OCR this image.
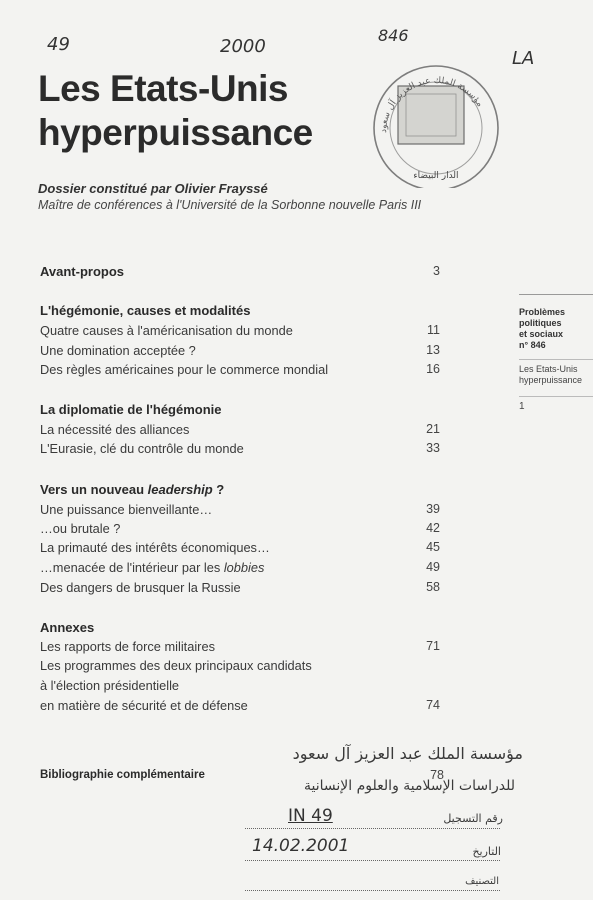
49	2000
LA
846
مؤسسة الملك عبد العزيز آل سعود
الدار البيضاء
Les Etats-Unis
hyperpuissance
Dossier constitué par Olivier Frayssé
Maître de conférences à l'Université de la Sorbonne nouvelle Paris III
Problèmes
politiques
et sociaux
n° 846
Les Etats-Unis
hyperpuissance
1
Avant-propos	3
L'hégémonie, causes et modalités
Quatre causes à l'américanisation du monde	11
Une domination acceptée ?	13
Des règles américaines pour le commerce mondial	16
La diplomatie de l'hégémonie
La nécessité des alliances	21
L'Eurasie, clé du contrôle du monde	33
Vers un nouveau leadership ?
Une puissance bienveillante…	39
…ou brutale ?	42
La primauté des intérêts économiques…	45
…menacée de l'intérieur par les lobbies	49
Des dangers de brusquer la Russie	58
Annexes
Les rapports de force militaires	71
Les programmes des deux principaux candidats
à l'élection présidentielle
en matière de sécurité et de défense	74
Bibliographie complémentaire	78
مؤسسة الملك عبد العزيز آل سعود
للدراسات الإسلامية والعلوم الإنسانية
رقم التسجيل
IN 49
التاريخ
14.02.2001
التصنيف
